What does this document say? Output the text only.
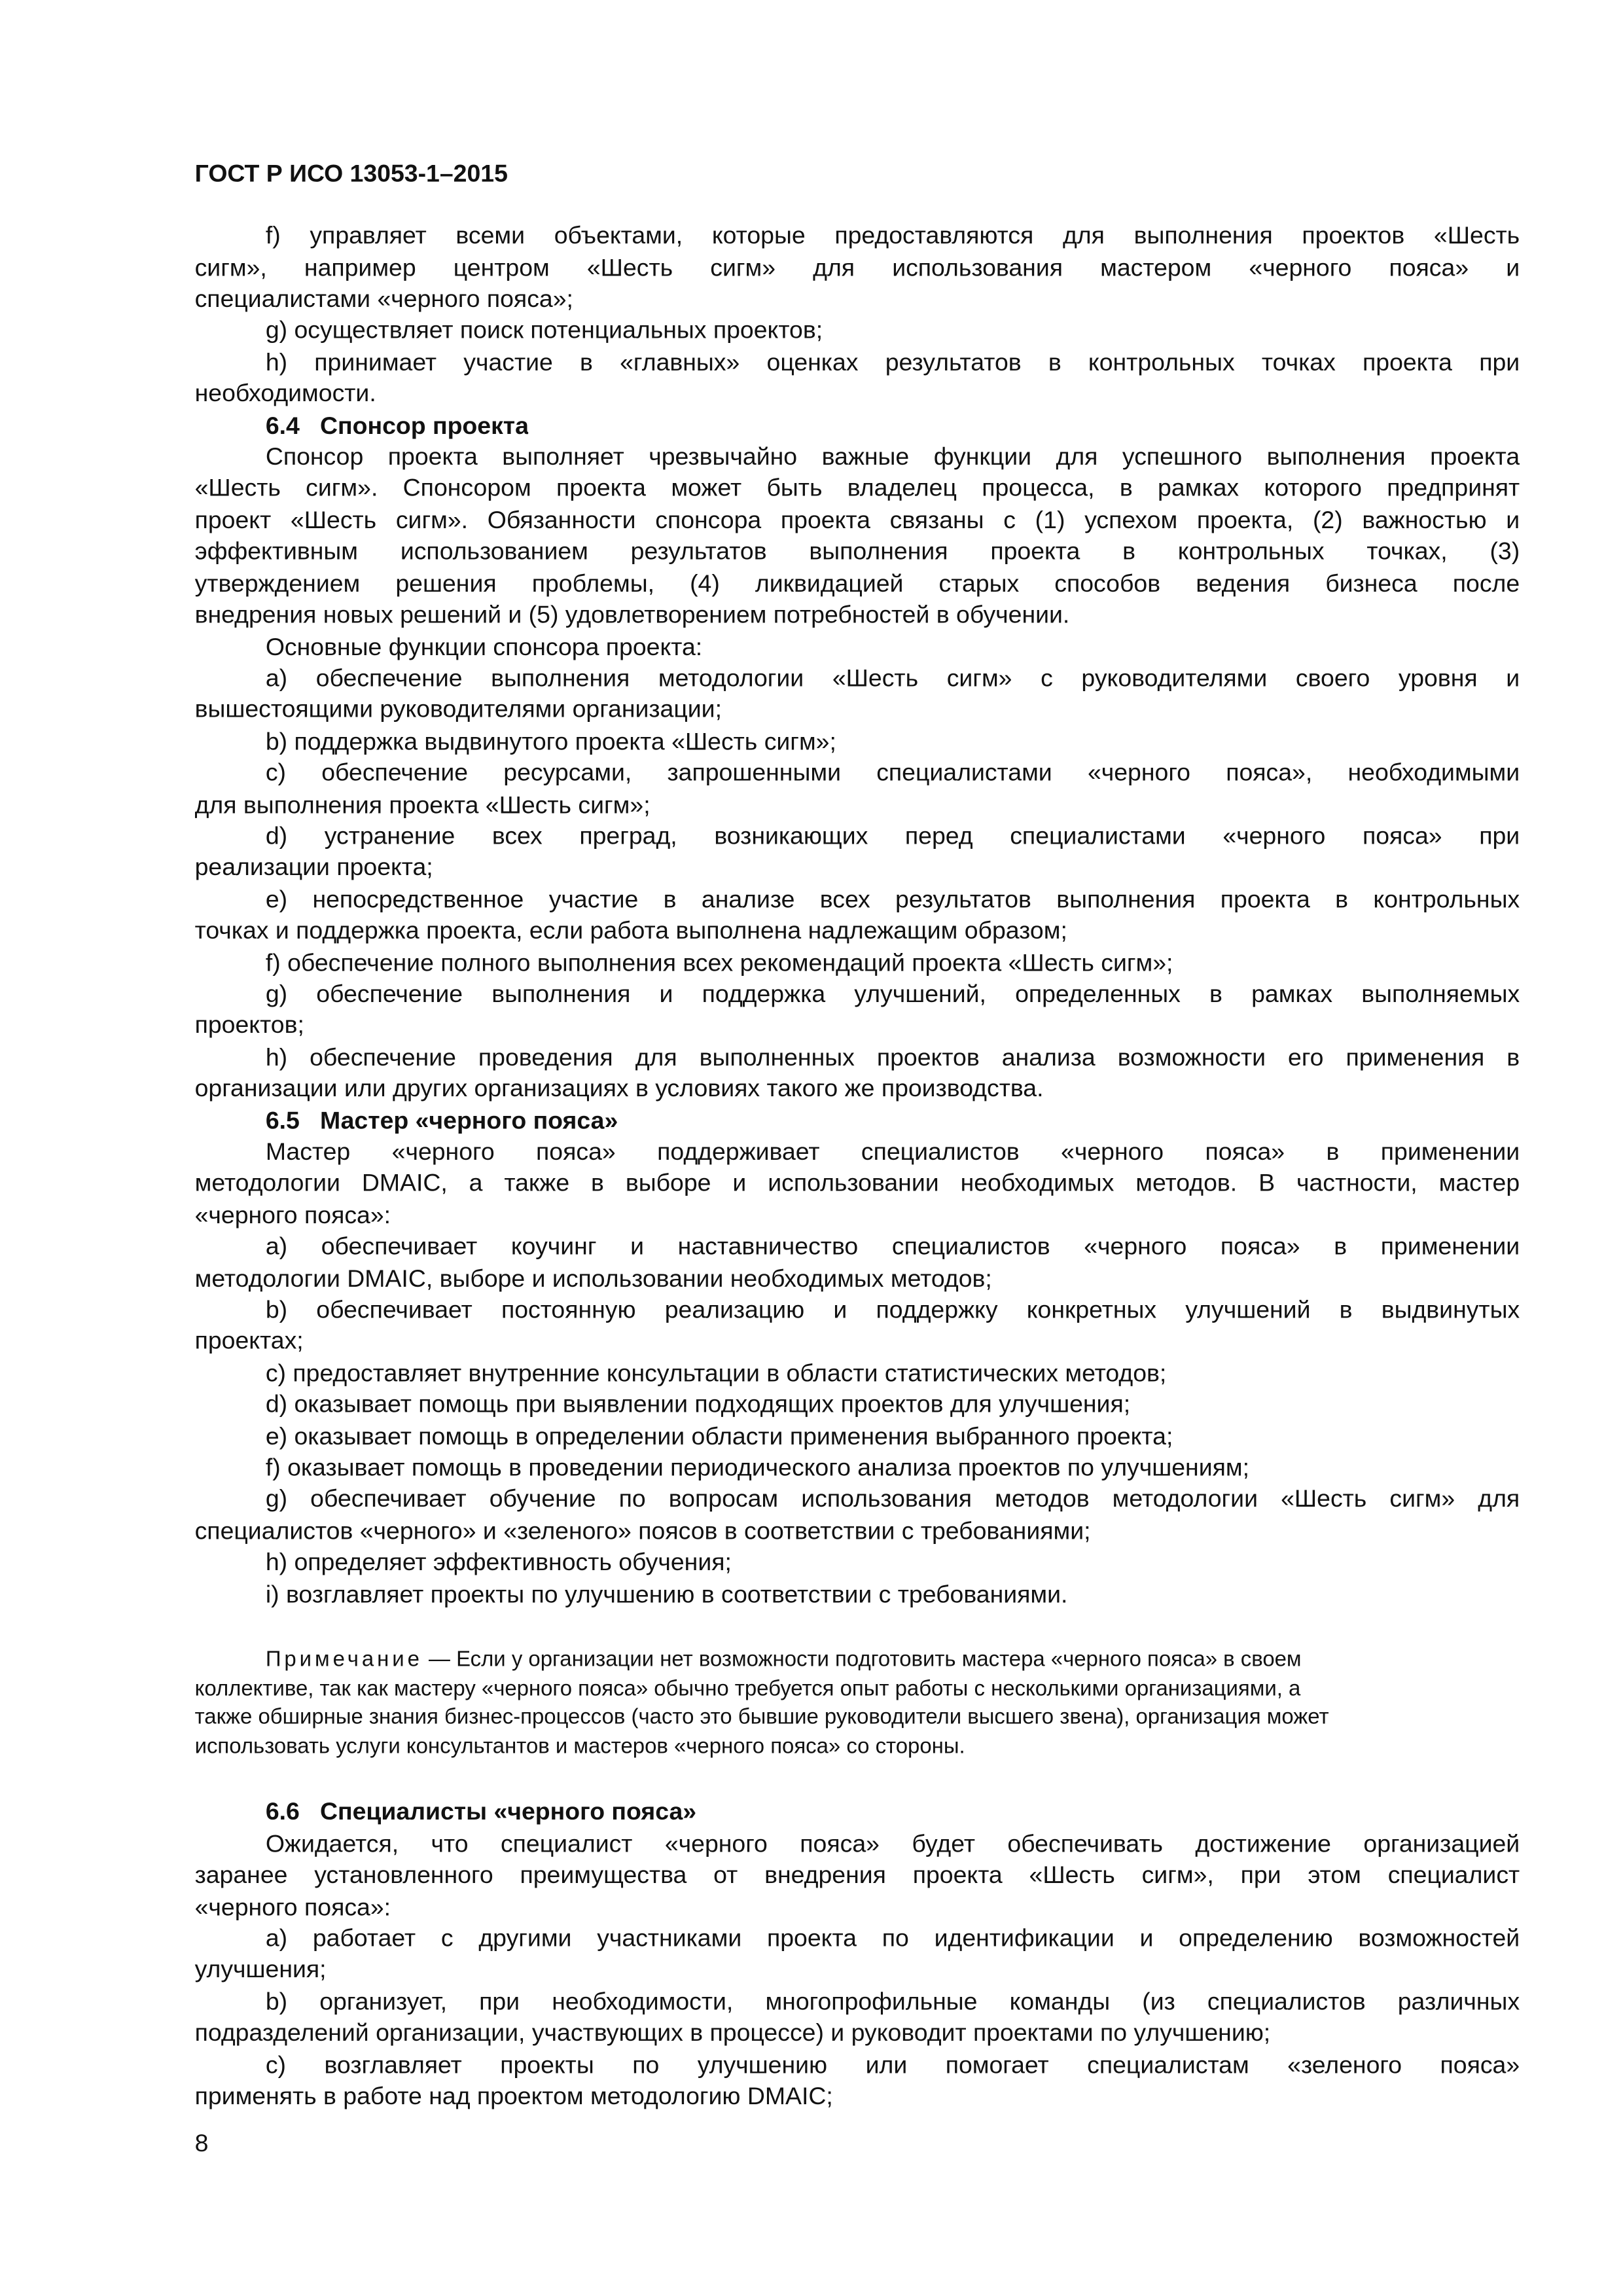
ГОСТ Р ИСО 13053-1–2015
f) управляет всеми объектами, которые предоставляются для выполнения проектов «Шесть
сигм», например центром «Шесть сигм» для использования мастером «черного пояса» и
специалистами «черного пояса»;
g) осуществляет поиск потенциальных проектов;
h) принимает участие в «главных» оценках результатов в контрольных точках проекта при
необходимости.
6.4   Спонсор проекта
Спонсор проекта выполняет чрезвычайно важные функции для успешного выполнения проекта
«Шесть сигм». Спонсором проекта может быть владелец процесса, в рамках которого предпринят
проект «Шесть сигм». Обязанности спонсора проекта связаны с (1) успехом проекта, (2) важностью и
эффективным использованием результатов выполнения проекта в контрольных точках, (3)
утверждением решения проблемы, (4) ликвидацией старых способов ведения бизнеса после
внедрения новых решений и (5) удовлетворением потребностей в обучении.
Основные функции спонсора проекта:
a) обеспечение выполнения методологии «Шесть сигм» с руководителями своего уровня и
вышестоящими руководителями организации;
b) поддержка выдвинутого проекта «Шесть сигм»;
c) обеспечение ресурсами, запрошенными специалистами «черного пояса», необходимыми
для выполнения проекта «Шесть сигм»;
d) устранение всех преград, возникающих перед специалистами «черного пояса» при
реализации проекта;
e) непосредственное участие в анализе всех результатов выполнения проекта в контрольных
точках и поддержка проекта, если работа выполнена надлежащим образом;
f) обеспечение полного выполнения всех рекомендаций проекта «Шесть сигм»;
g) обеспечение выполнения и поддержка улучшений, определенных в рамках выполняемых
проектов;
h) обеспечение проведения для выполненных проектов анализа возможности его применения в
организации или других организациях в условиях такого же производства.
6.5   Мастер «черного пояса»
Мастер «черного пояса» поддерживает специалистов «черного пояса» в применении
методологии DMAIC, а также в выборе и использовании необходимых методов. В частности, мастер
«черного пояса»:
a) обеспечивает коучинг и наставничество специалистов «черного пояса» в применении
методологии DMAIC, выборе и использовании необходимых методов;
b) обеспечивает постоянную реализацию и поддержку конкретных улучшений в выдвинутых
проектах;
c) предоставляет внутренние консультации в области статистических методов;
d) оказывает помощь при выявлении подходящих проектов для улучшения;
e) оказывает помощь в определении области применения выбранного проекта;
f) оказывает помощь в проведении периодического анализа проектов по улучшениям;
g) обеспечивает обучение по вопросам использования методов методологии «Шесть сигм» для
специалистов «черного» и «зеленого» поясов в соответствии с требованиями;
h) определяет эффективность обучения;
i) возглавляет проекты по улучшению в соответствии с требованиями.
Примечание — Если у организации нет возможности подготовить мастера «черного пояса» в своем
коллективе, так как мастеру «черного пояса» обычно требуется опыт работы с несколькими организациями, а
также обширные знания бизнес-процессов (часто это бывшие руководители высшего звена), организация может
использовать услуги консультантов и мастеров «черного пояса» со стороны.
6.6   Специалисты «черного пояса»
Ожидается, что специалист «черного пояса» будет обеспечивать достижение организацией
заранее установленного преимущества от внедрения проекта «Шесть сигм», при этом специалист
«черного пояса»:
a) работает с другими участниками проекта по идентификации и определению возможностей
улучшения;
b) организует, при необходимости, многопрофильные команды (из специалистов различных
подразделений организации, участвующих в процессе) и руководит проектами по улучшению;
c) возглавляет проекты по улучшению или помогает специалистам «зеленого пояса»
применять в работе над проектом методологию DMAIC;
8
